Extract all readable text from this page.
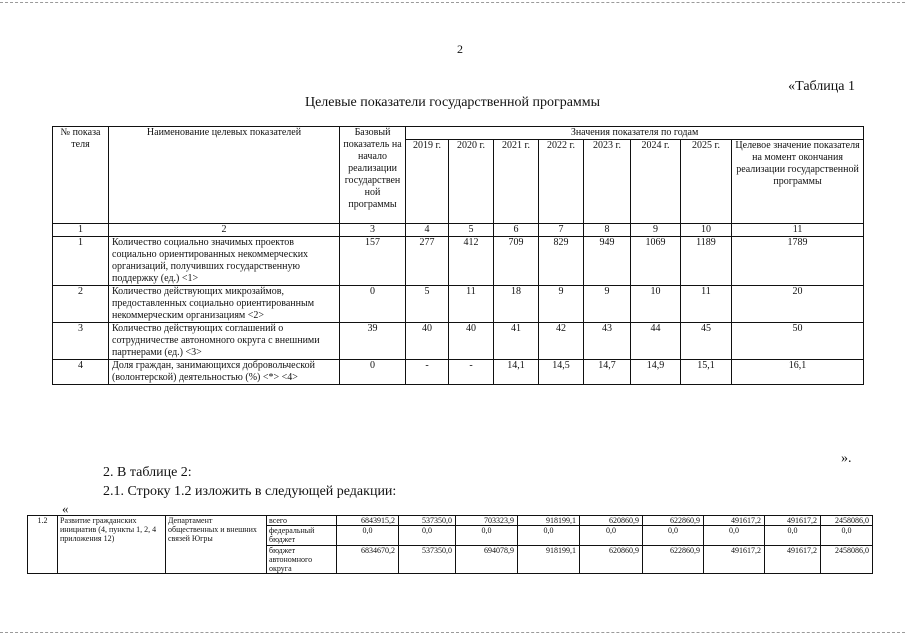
2
«Таблица 1
Целевые показатели государственной программы
№ показа теля	Наименование целевых показателей	Базовый показатель на начало реализации государствен ной программы	Значения показателя по годам							
			2019 г.	2020 г.	2021 г.	2022 г.	2023 г.	2024 г.	2025 г.	Целевое значение показателя на момент окончания реализации государственной программы
1	2	3	4	5	6	7	8	9	10	11
1	Количество социально значимых проектов социально ориентированных некоммерческих организаций, получивших государственную поддержку (ед.) <1>	157	277	412	709	829	949	1069	1189	1789
2	Количество действующих микрозаймов, предоставленных социально ориентированным некоммерческим организациям <2>	0	5	11	18	9	9	10	11	20
3	Количество действующих соглашений о сотрудничестве автономного округа с внешними партнерами (ед.) <3>	39	40	40	41	42	43	44	45	50
4	Доля граждан, занимающихся добровольческой (волонтерской) деятельностью (%) <*> <4>	0	-	-	14,1	14,5	14,7	14,9	15,1	16,1
».
2. В таблице 2:
2.1. Строку 1.2 изложить в следующей редакции:
«
1.2	Развитие гражданских инициатив (4, пункты 1, 2, 4 приложения 12)	Департамент общественных и внешних связей Югры	всего	6843915,2	537350,0	703323,9	918199,1	620860,9	622860,9	491617,2	491617,2	2458086,0
			федеральный бюджет	0,0	0,0	0,0	0,0	0,0	0,0	0,0	0,0	0,0
			бюджет автономного округа	6834670,2	537350,0	694078,9	918199,1	620860,9	622860,9	491617,2	491617,2	2458086,0
